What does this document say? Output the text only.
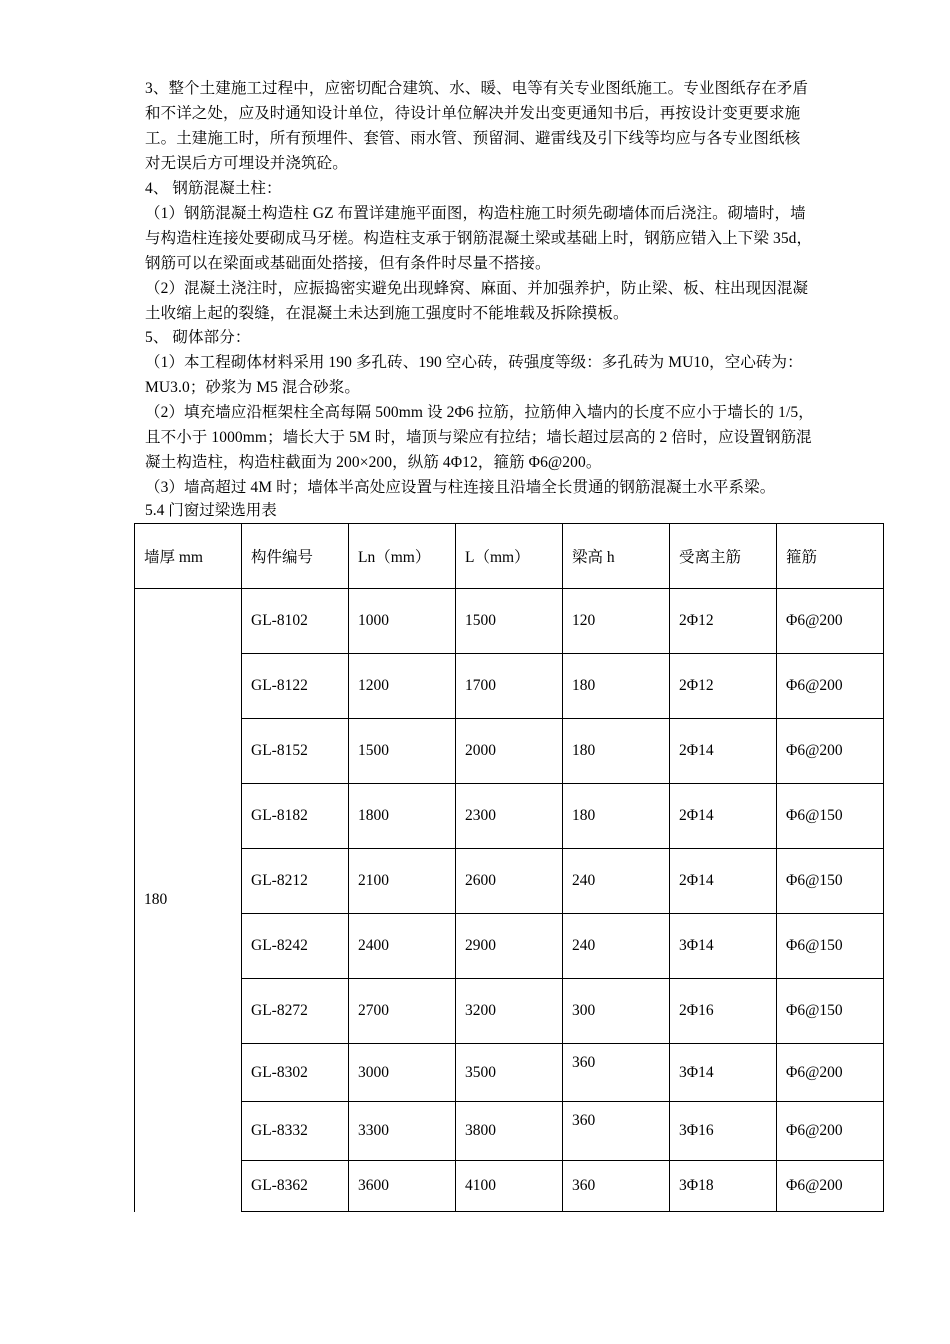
3、整个土建施工过程中，应密切配合建筑、水、暖、电等有关专业图纸施工。专业图纸存在矛盾和不详之处，应及时通知设计单位，待设计单位解决并发出变更通知书后，再按设计变更要求施工。土建施工时，所有预埋件、套管、雨水管、预留洞、避雷线及引下线等均应与各专业图纸核对无误后方可埋设并浇筑砼。

4、 钢筋混凝土柱：

（1）钢筋混凝土构造柱 GZ 布置详建施平面图，构造柱施工时须先砌墙体而后浇注。砌墙时，墙与构造柱连接处要砌成马牙槎。构造柱支承于钢筋混凝土梁或基础上时，钢筋应错入上下梁 35d，钢筋可以在梁面或基础面处搭接，但有条件时尽量不搭接。

（2）混凝土浇注时，应振捣密实避免出现蜂窝、麻面、并加强养护，防止梁、板、柱出现因混凝土收缩上起的裂缝，在混凝土未达到施工强度时不能堆载及拆除摸板。

5、 砌体部分：

（1）本工程砌体材料采用 190 多孔砖、190 空心砖，砖强度等级：多孔砖为 MU10，空心砖为：MU3.0；砂浆为 M5 混合砂浆。

（2）填充墙应沿框架柱全高每隔 500mm 设 2Φ6 拉筋，拉筋伸入墙内的长度不应小于墙长的 1/5，且不小于 1000mm；墙长大于 5M 时，墙顶与梁应有拉结；墙长超过层高的 2 倍时，应设置钢筋混凝土构造柱，构造柱截面为 200×200，纵筋 4Φ12，箍筋 Φ6@200。

（3）墙高超过 4M 时；墙体半高处应设置与柱连接且沿墙全长贯通的钢筋混凝土水平系梁。

5.4 门窗过梁选用表
墙厚 mm	构件编号	Ln（mm）	L（mm）	梁高 h	受离主筋	箍筋
180	GL-8102	1000	1500	120	2Φ12	Φ6@200
	GL-8122	1200	1700	180	2Φ12	Φ6@200
	GL-8152	1500	2000	180	2Φ14	Φ6@200
	GL-8182	1800	2300	180	2Φ14	Φ6@150
	GL-8212	2100	2600	240	2Φ14	Φ6@150
	GL-8242	2400	2900	240	3Φ14	Φ6@150
	GL-8272	2700	3200	300	2Φ16	Φ6@150
	GL-8302	3000	3500	360	3Φ14	Φ6@200
	GL-8332	3300	3800	360	3Φ16	Φ6@200
	GL-8362	3600	4100	360	3Φ18	Φ6@200
